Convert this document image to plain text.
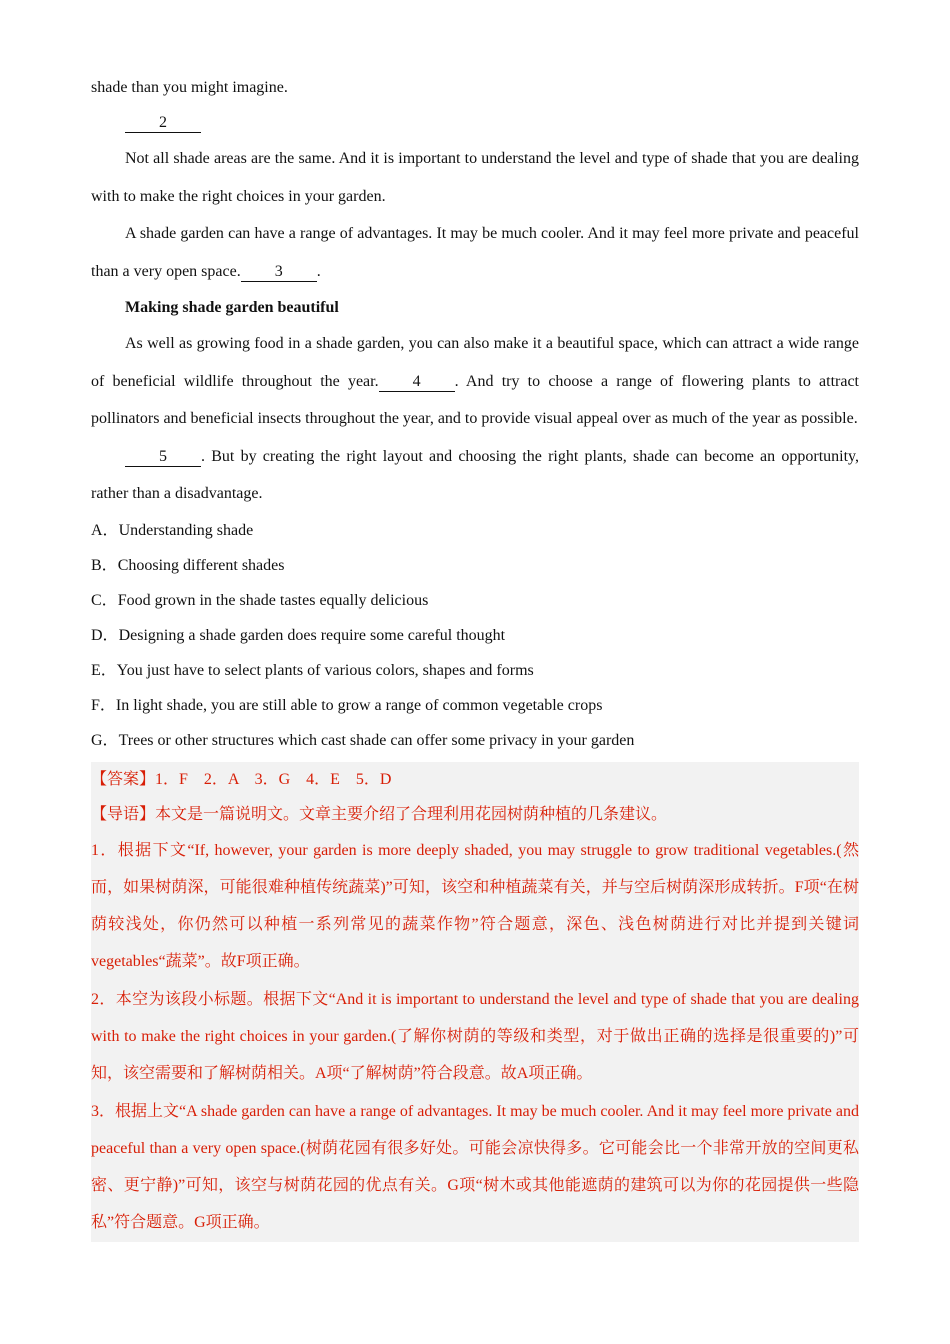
shade than you might imagine.

2

Not all shade areas are the same. And it is important to understand the level and type of shade that you are dealing with to make the right choices in your garden.

A shade garden can have a range of advantages. It may be much cooler. And it may feel more private and peaceful than a very open space. 3 .

Making shade garden beautiful

As well as growing food in a shade garden, you can also make it a beautiful space, which can attract a wide range of beneficial wildlife throughout the year. 4 . And try to choose a range of flowering plants to attract pollinators and beneficial insects throughout the year, and to provide visual appeal over as much of the year as possible.

5 . But by creating the right layout and choosing the right plants, shade can become an opportunity, rather than a disadvantage.

A．Understanding shade

B．Choosing different shades

C．Food grown in the shade tastes equally delicious

D．Designing a shade garden does require some careful thought

E．You just have to select plants of various colors, shapes and forms

F．In light shade, you are still able to grow a range of common vegetable crops

G．Trees or other structures which cast shade can offer some privacy in your garden

【答案】1．F　2．A　3．G　4．E　5．D

【导语】本文是一篇说明文。文章主要介绍了合理利用花园树荫种植的几条建议。

1．根据下文“If, however, your garden is more deeply shaded, you may struggle to grow traditional vegetables.(然而，如果树荫深，可能很难种植传统蔬菜)”可知，该空和种植蔬菜有关，并与空后树荫深形成转折。F项“在树荫较浅处，你仍然可以种植一系列常见的蔬菜作物”符合题意，深色、浅色树荫进行对比并提到关键词vegetables“蔬菜”。故F项正确。

2．本空为该段小标题。根据下文“And it is important to understand the level and type of shade that you are dealing with to make the right choices in your garden.(了解你树荫的等级和类型，对于做出正确的选择是很重要的)”可知，该空需要和了解树荫相关。A项“了解树荫”符合段意。故A项正确。

3．根据上文“A shade garden can have a range of advantages. It may be much cooler. And it may feel more private and peaceful than a very open space.(树荫花园有很多好处。可能会凉快得多。它可能会比一个非常开放的空间更私密、更宁静)”可知，该空与树荫花园的优点有关。G项“树木或其他能遮荫的建筑可以为你的花园提供一些隐私”符合题意。G项正确。
